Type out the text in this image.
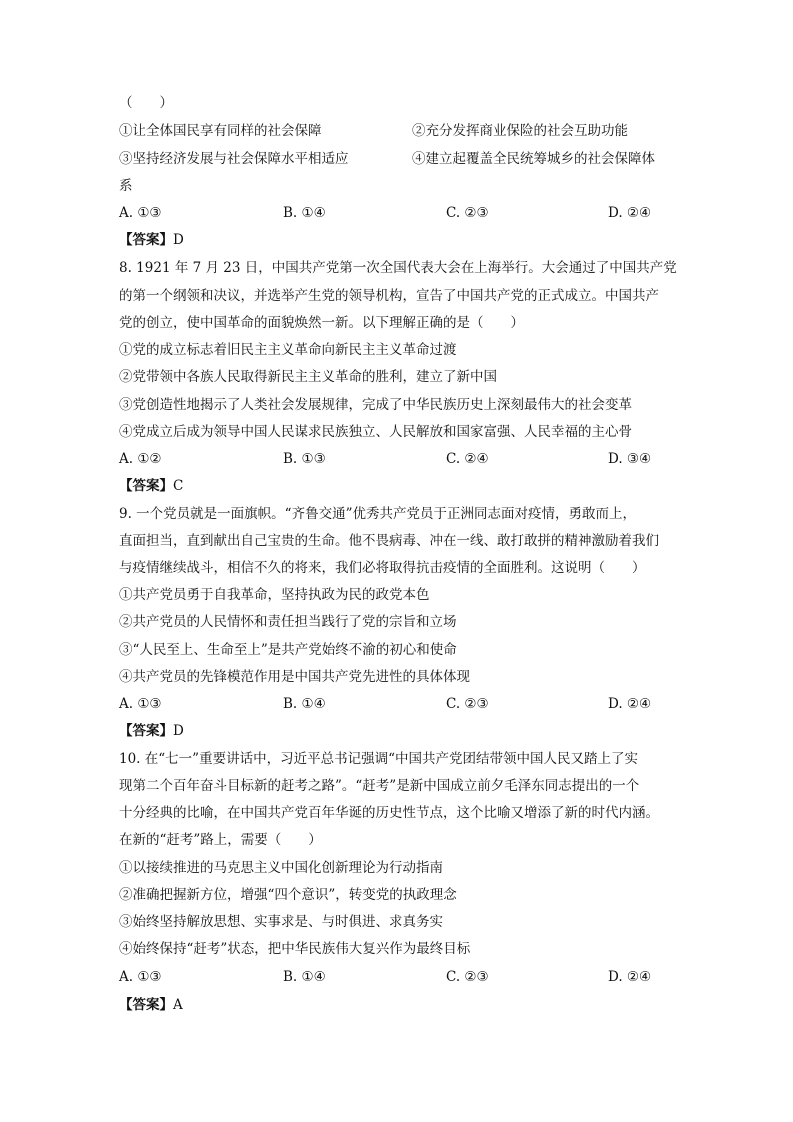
（　　）
①让全体国民享有同样的社会保障	②充分发挥商业保险的社会互助功能
③坚持经济发展与社会保障水平相适应	④建立起覆盖全民统筹城乡的社会保障体
系
A. ①③	B. ①④	C. ②③	D. ②④
【答案】D
8. 1921 年 7 月 23 日，中国共产党第一次全国代表大会在上海举行。大会通过了中国共产党
的第一个纲领和决议，并选举产生党的领导机构，宣告了中国共产党的正式成立。中国共产
党的创立，使中国革命的面貌焕然一新。以下理解正确的是（　　）
①党的成立标志着旧民主主义革命向新民主主义革命过渡
②党带领中各族人民取得新民主主义革命的胜利，建立了新中国
③党创造性地揭示了人类社会发展规律，完成了中华民族历史上深刻最伟大的社会变革
④党成立后成为领导中国人民谋求民族独立、人民解放和国家富强、人民幸福的主心骨
A. ①②	B. ①③	C. ②④	D. ③④
【答案】C
9. 一个党员就是一面旗帜。“齐鲁交通”优秀共产党员于正洲同志面对疫情，勇敢而上，
直面担当，直到献出自己宝贵的生命。他不畏病毒、冲在一线、敢打敢拼的精神激励着我们
与疫情继续战斗，相信不久的将来，我们必将取得抗击疫情的全面胜利。这说明（　　）
①共产党员勇于自我革命，坚持执政为民的政党本色
②共产党员的人民情怀和责任担当践行了党的宗旨和立场
③“人民至上、生命至上”是共产党始终不渝的初心和使命
④共产党员的先锋模范作用是中国共产党先进性的具体体现
A. ①③	B. ①④	C. ②③	D. ②④
【答案】D
10. 在“七一”重要讲话中，习近平总书记强调“中国共产党团结带领中国人民又踏上了实
现第二个百年奋斗目标新的赶考之路”。“赶考”是新中国成立前夕毛泽东同志提出的一个
十分经典的比喻，在中国共产党百年华诞的历史性节点，这个比喻又增添了新的时代内涵。
在新的“赶考”路上，需要（　　）
①以接续推进的马克思主义中国化创新理论为行动指南
②准确把握新方位，增强“四个意识”，转变党的执政理念
③始终坚持解放思想、实事求是、与时俱进、求真务实
④始终保持“赶考”状态，把中华民族伟大复兴作为最终目标
A. ①③	B. ①④	C. ②③	D. ②④
【答案】A
